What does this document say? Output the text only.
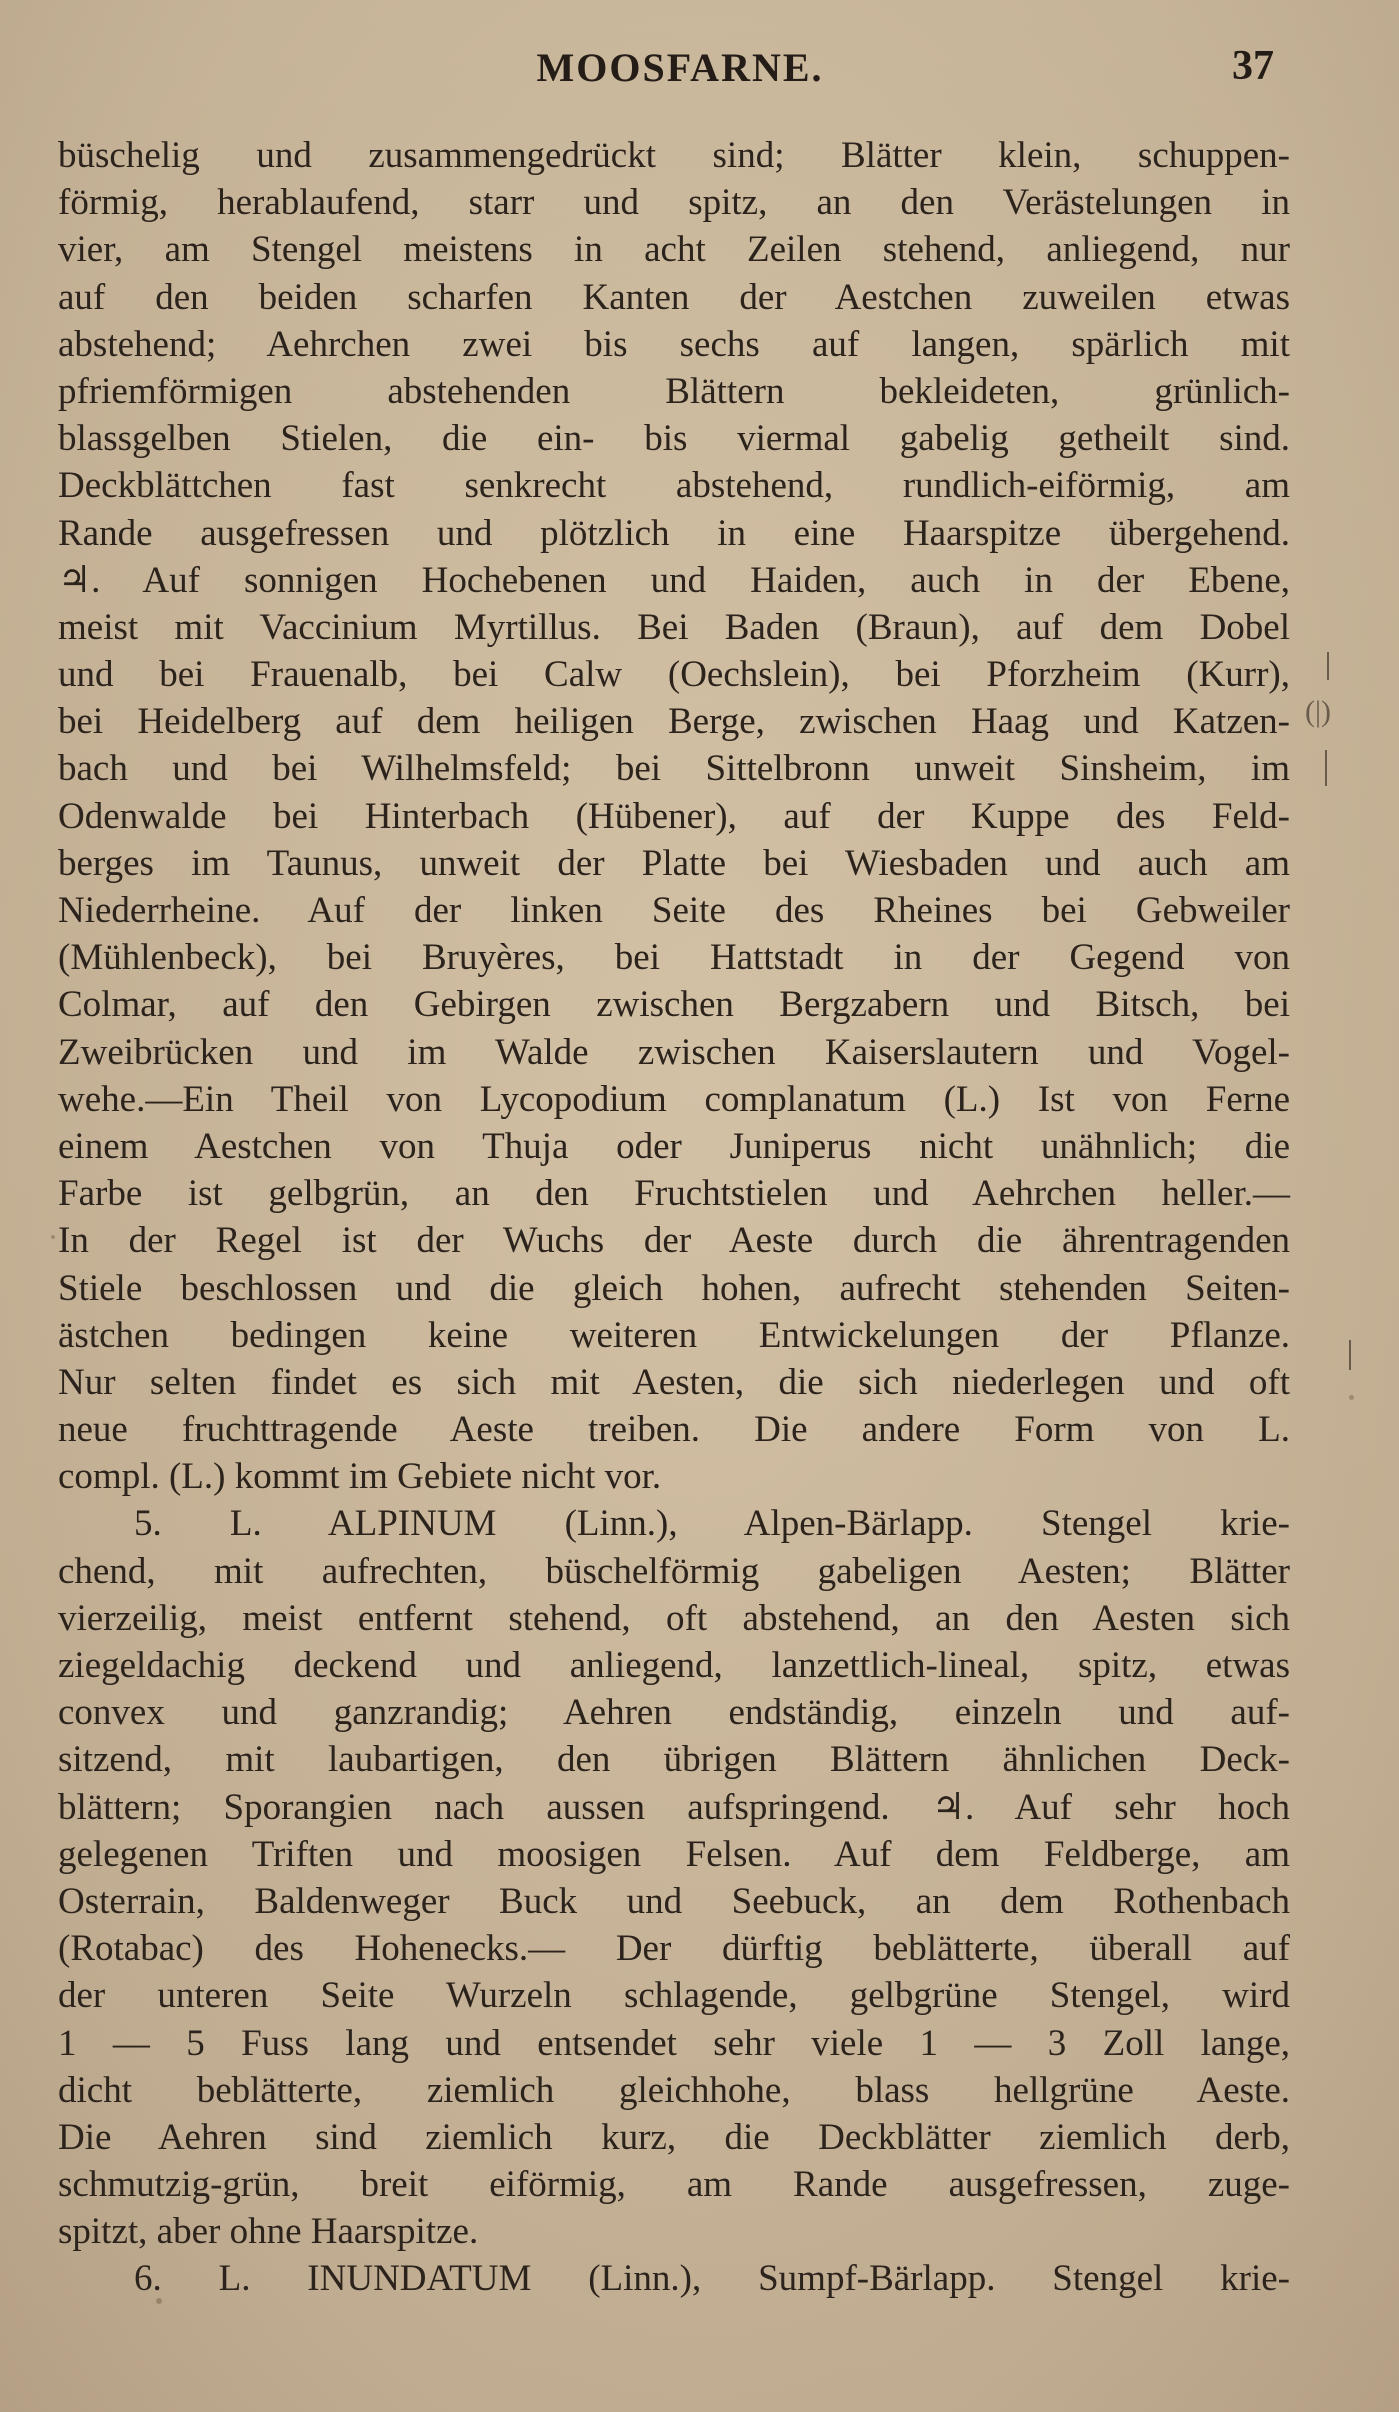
MOOSFARNE.	37
büschelig und zusammengedrückt sind; Blätter klein, schuppen-
förmig, herablaufend, starr und spitz, an den Verästelungen in
vier, am Stengel meistens in acht Zeilen stehend, anliegend, nur
auf den beiden scharfen Kanten der Aestchen zuweilen etwas
abstehend; Aehrchen zwei bis sechs auf langen, spärlich mit
pfriemförmigen abstehenden Blättern bekleideten, grünlich-
blassgelben Stielen, die ein- bis viermal gabelig getheilt sind.
Deckblättchen fast senkrecht abstehend, rundlich-eiförmig, am
Rande ausgefressen und plötzlich in eine Haarspitze übergehend.
♃. Auf sonnigen Hochebenen und Haiden, auch in der Ebene,
meist mit Vaccinium Myrtillus. Bei Baden (Braun), auf dem Dobel
und bei Frauenalb, bei Calw (Oechslein), bei Pforzheim (Kurr),
bei Heidelberg auf dem heiligen Berge, zwischen Haag und Katzen-
bach und bei Wilhelmsfeld; bei Sittelbronn unweit Sinsheim, im
Odenwalde bei Hinterbach (Hübener), auf der Kuppe des Feld-
berges im Taunus, unweit der Platte bei Wiesbaden und auch am
Niederrheine. Auf der linken Seite des Rheines bei Gebweiler
(Mühlenbeck), bei Bruyères, bei Hattstadt in der Gegend von
Colmar, auf den Gebirgen zwischen Bergzabern und Bitsch, bei
Zweibrücken und im Walde zwischen Kaiserslautern und Vogel-
wehe.—Ein Theil von Lycopodium complanatum (L.) Ist von Ferne
einem Aestchen von Thuja oder Juniperus nicht unähnlich; die
Farbe ist gelbgrün, an den Fruchtstielen und Aehrchen heller.—
In der Regel ist der Wuchs der Aeste durch die ährentragenden
Stiele beschlossen und die gleich hohen, aufrecht stehenden Seiten-
ästchen bedingen keine weiteren Entwickelungen der Pflanze.
Nur selten findet es sich mit Aesten, die sich niederlegen und oft
neue fruchttragende Aeste treiben. Die andere Form von L.
compl. (L.) kommt im Gebiete nicht vor.
5. L. ALPINUM (Linn.), Alpen-Bärlapp. Stengel krie-
chend, mit aufrechten, büschelförmig gabeligen Aesten; Blätter
vierzeilig, meist entfernt stehend, oft abstehend, an den Aesten sich
ziegeldachig deckend und anliegend, lanzettlich-lineal, spitz, etwas
convex und ganzrandig; Aehren endständig, einzeln und auf-
sitzend, mit laubartigen, den übrigen Blättern ähnlichen Deck-
blättern; Sporangien nach aussen aufspringend. ♃. Auf sehr hoch
gelegenen Triften und moosigen Felsen. Auf dem Feldberge, am
Osterrain, Baldenweger Buck und Seebuck, an dem Rothenbach
(Rotabac) des Hohenecks.— Der dürftig beblätterte, überall auf
der unteren Seite Wurzeln schlagende, gelbgrüne Stengel, wird
1 — 5 Fuss lang und entsendet sehr viele 1 — 3 Zoll lange,
dicht beblätterte, ziemlich gleichhohe, blass hellgrüne Aeste.
Die Aehren sind ziemlich kurz, die Deckblätter ziemlich derb,
schmutzig-grün, breit eiförmig, am Rande ausgefressen, zuge-
spitzt, aber ohne Haarspitze.
6. L. INUNDATUM (Linn.), Sumpf-Bärlapp. Stengel krie-
(|)
